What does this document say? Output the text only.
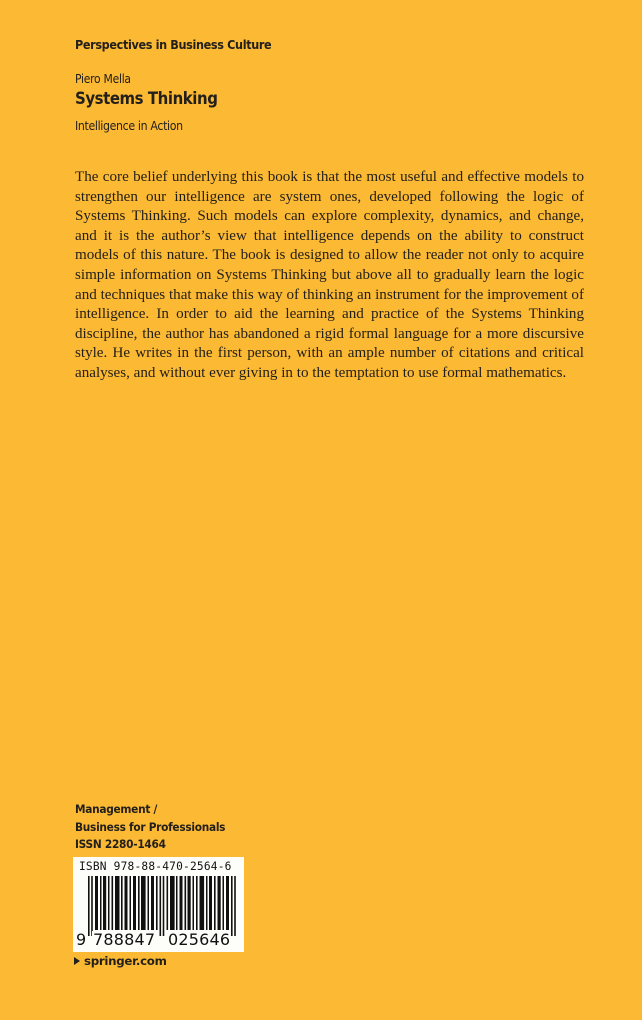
Perspectives in Business Culture
Piero Mella
Systems Thinking
Intelligence in Action

The core belief underlying this book is that the most useful and effective models to strengthen our intelligence are system ones, developed following the logic of Systems Thinking. Such models can explore complexity, dynamics, and change, and it is the author’s view that intelligence depends on the ability to construct models of this nature. The book is designed to allow the reader not only to acquire simple information on Systems Thinking but above all to gradually learn the logic and techniques that make this way of thinking an instrument for the improvement of intelligence. In order to aid the learning and practice of the Systems Thinking discipline, the author has abandoned a rigid formal language for a more discursive style. He writes in the first person, with an ample number of citations and critical analyses, and without ever giving in to the temptation to use formal mathematics.

Management /
Business for Professionals
ISSN 2280-1464
ISBN 978-88-470-2564-6
9 788847 025646
springer.com
